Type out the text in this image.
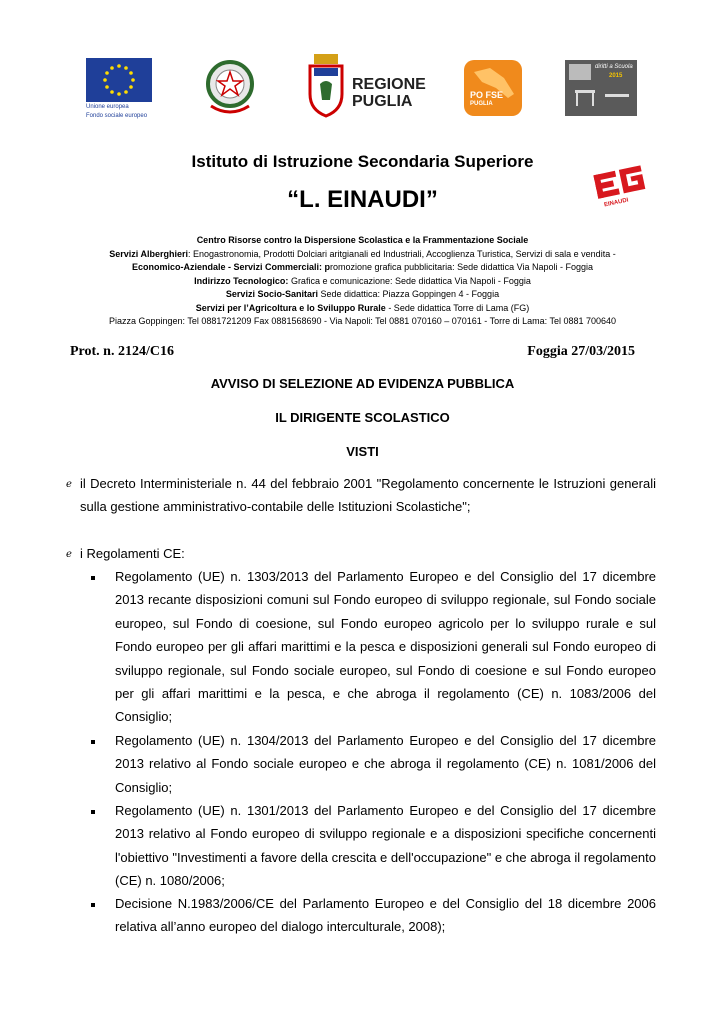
Unione europea
Fondo sociale europeo
REGIONE
PUGLIA	PO FSE
PUGLIA
diritti a Scuola
2015
Istituto di Istruzione Secondaria Superiore
“L. EINAUDI”	EINAUDI
Centro Risorse contro la Dispersione Scolastica e la Frammentazione Sociale
Servizi Alberghieri: Enogastronomia, Prodotti Dolciari aritgianali ed Industriali, Accoglienza Turistica, Servizi di sala e vendita -
Economico-Aziendale - Servizi Commerciali: promozione grafica pubblicitaria: Sede didattica Via Napoli - Foggia
Indirizzo Tecnologico: Grafica e comunicazione: Sede didattica Via Napoli - Foggia
Servizi Socio-Sanitari Sede didattica: Piazza Goppingen 4 - Foggia
Servizi per l’Agricoltura e lo Sviluppo Rurale - Sede didattica Torre di Lama (FG)
Piazza Goppingen: Tel 0881721209 Fax 0881568690 - Via Napoli: Tel 0881 070160 – 070161 - Torre di Lama: Tel 0881 700640
Prot. n. 2124/C16	Foggia 27/03/2015
AVVISO DI SELEZIONE AD EVIDENZA PUBBLICA
IL DIRIGENTE SCOLASTICO
VISTI
e il Decreto Interministeriale n. 44 del febbraio 2001 "Regolamento concernente le Istruzioni generali sulla gestione amministrativo-contabile delle Istituzioni Scolastiche";
e i Regolamenti CE:
Regolamento (UE) n. 1303/2013 del Parlamento Europeo e del Consiglio del 17 dicembre 2013 recante disposizioni comuni sul Fondo europeo di sviluppo regionale, sul Fondo sociale europeo, sul Fondo di coesione, sul Fondo europeo agricolo per lo sviluppo rurale e sul Fondo europeo per gli affari marittimi e la pesca e disposizioni generali sul Fondo europeo di sviluppo regionale, sul Fondo sociale europeo, sul Fondo di coesione e sul Fondo europeo per gli affari marittimi e la pesca, e che abroga il regolamento (CE) n. 1083/2006 del Consiglio;
Regolamento (UE) n. 1304/2013 del Parlamento Europeo e del Consiglio del 17 dicembre 2013 relativo al Fondo sociale europeo e che abroga il regolamento (CE) n. 1081/2006 del Consiglio;
Regolamento (UE) n. 1301/2013 del Parlamento Europeo e del Consiglio del 17 dicembre 2013 relativo al Fondo europeo di sviluppo regionale e a disposizioni specifiche concernenti l'obiettivo "Investimenti a favore della crescita e dell'occupazione" e che abroga il regolamento (CE) n. 1080/2006;
Decisione N.1983/2006/CE del Parlamento Europeo e del Consiglio del 18 dicembre 2006 relativa all’anno europeo del dialogo interculturale, 2008);
